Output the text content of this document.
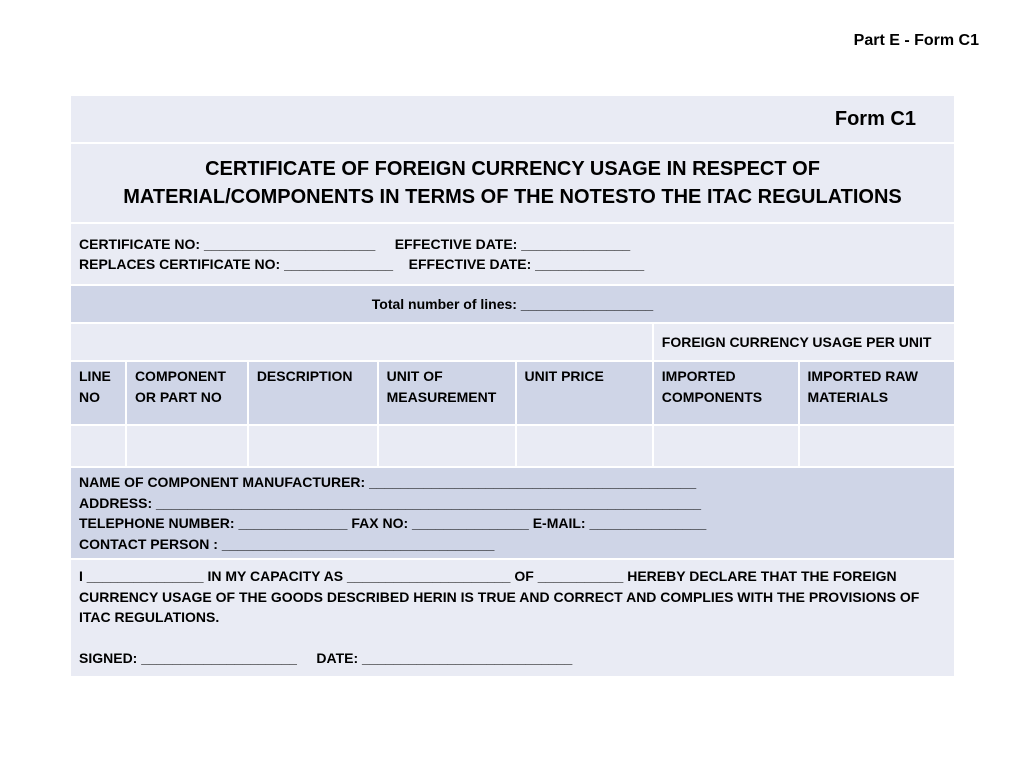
Part E - Form C1
Form C1						

CERTIFICATE OF FOREIGN CURRENCY USAGE IN RESPECT OF
MATERIAL/COMPONENTS IN TERMS OF THE NOTESTO THE ITAC REGULATIONS						

CERTIFICATE NO: ______________________     EFFECTIVE DATE: ______________
REPLACES CERTIFICATE NO: ______________    EFFECTIVE DATE: ______________						

Total number of lines: _________________						
					FOREIGN CURRENCY USAGE PER UNIT	
LINE NO	COMPONENT OR PART NO	DESCRIPTION	UNIT OF MEASUREMENT	UNIT PRICE	IMPORTED COMPONENTS	IMPORTED RAW MATERIALS

NAME OF COMPONENT MANUFACTURER: __________________________________________
ADDRESS: ______________________________________________________________________
TELEPHONE NUMBER: ______________ FAX NO: _______________ E-MAIL: _______________
CONTACT PERSON : ___________________________________						

I _______________ IN MY CAPACITY AS _____________________ OF ___________ HEREBY DECLARE THAT THE FOREIGN
CURRENCY USAGE OF THE GOODS DESCRIBED HERIN IS TRUE AND CORRECT AND COMPLIES WITH THE PROVISIONS OF
ITAC REGULATIONS.
SIGNED: ____________________     DATE: ___________________________						
